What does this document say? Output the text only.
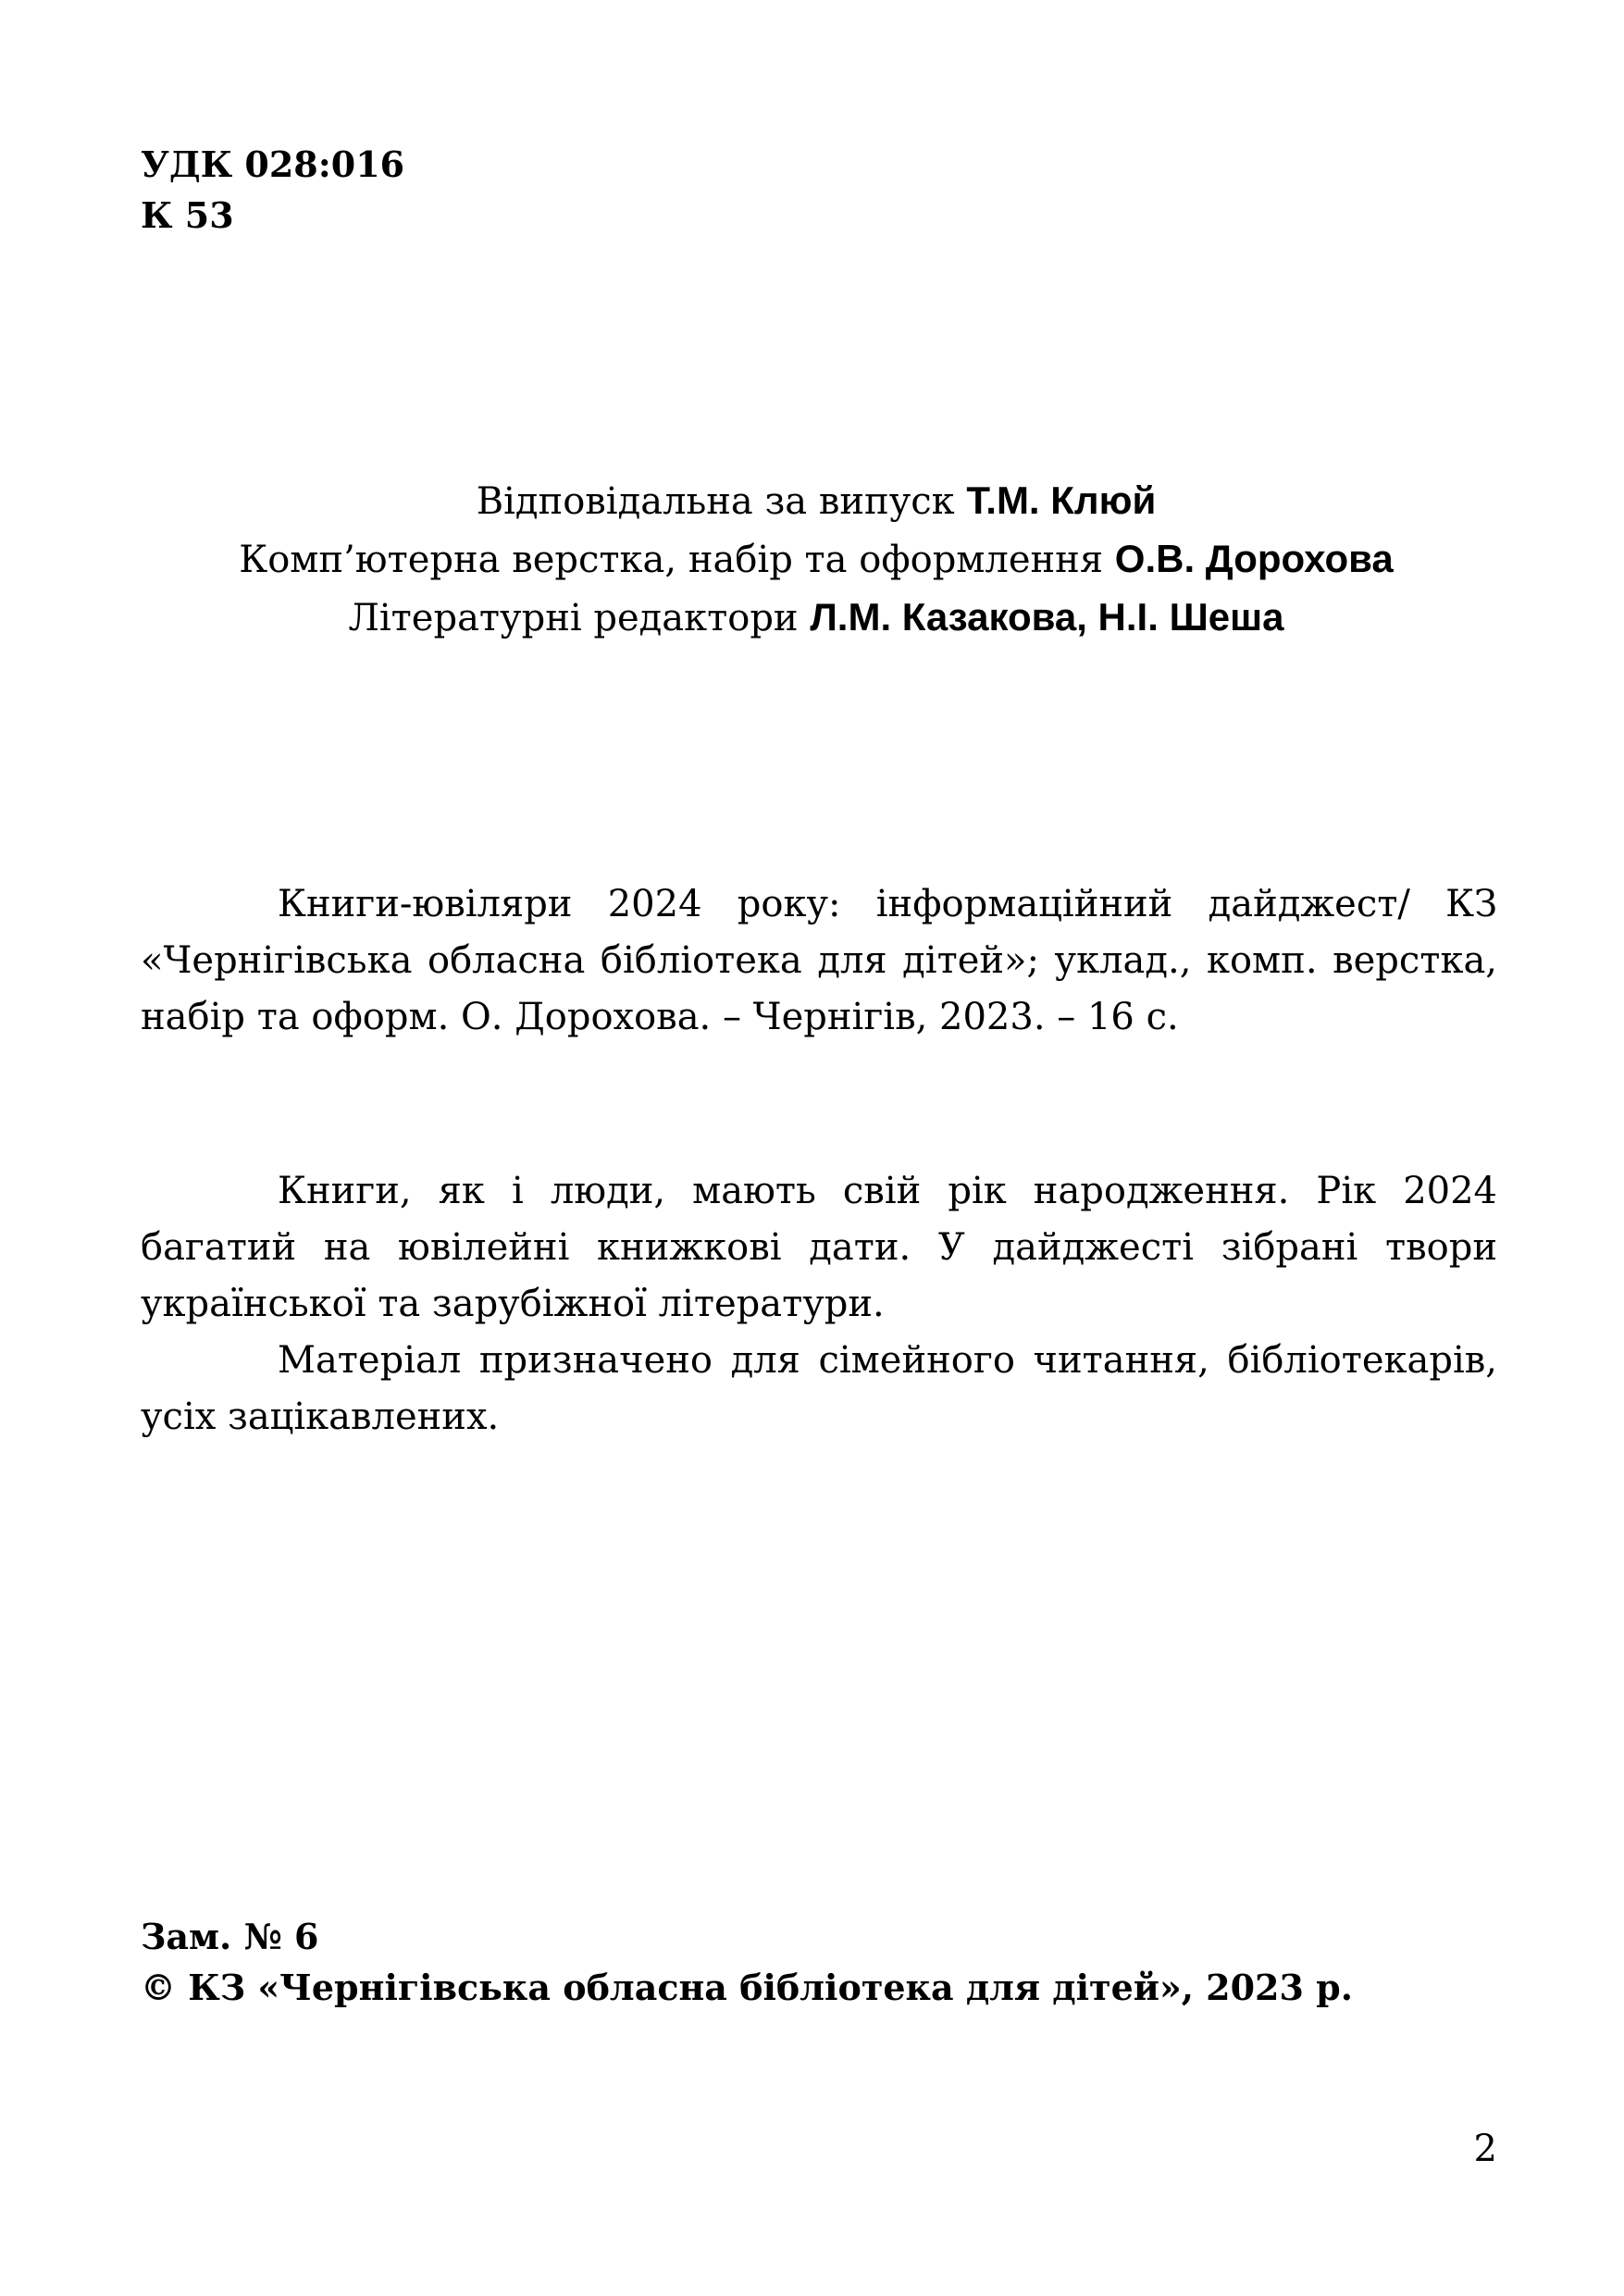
УДК 028:016
К 53
Відповідальна за випуск Т.М. Клюй
Комп’ютерна верстка, набір та оформлення О.В. Дорохова
Літературні редактори Л.М. Казакова, Н.І. Шеша
Книги-ювіляри 2024 року: інформаційний дайджест/ КЗ «Чернігівська обласна бібліотека для дітей»; уклад., комп. верстка, набір та оформ. О. Дорохова. – Чернігів, 2023. – 16 с.

Книги, як і люди, мають свій рік народження. Рік 2024 багатий на ювілейні книжкові дати. У дайджесті зібрані твори української та зарубіжної літератури.

Матеріал призначено для сімейного читання, бібліотекарів, усіх зацікавлених.

Зам. № 6
© КЗ «Чернігівська обласна бібліотека для дітей», 2023 р.
2
